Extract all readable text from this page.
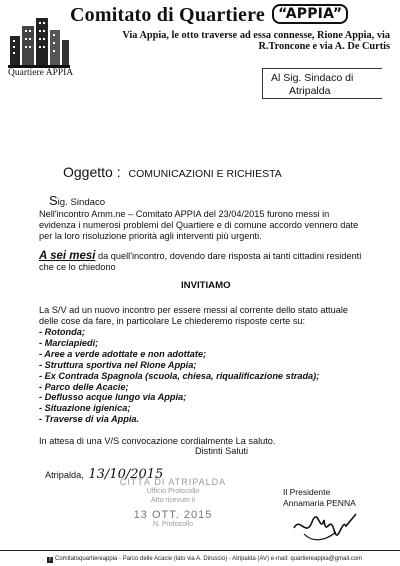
Comitato di Quartiere “APPIA”
Via Appia, le otto traverse ad essa connesse, Rione Appia, via R.Troncone e via A. De Curtis
Quartiere APPIA	Al Sig. Sindaco di
Atripalda
Oggetto : COMUNICAZIONI E RICHIESTA
Sig. Sindaco
Nell'incontro Amm.ne – Comitato APPIA del 23/04/2015 furono messi in evidenza i numerosi problemi del Quartiere e di comune accordo vennero date per la loro risoluzione priorità agli interventi più urgenti.
A sei mesi da quell'incontro, dovendo dare risposta ai tanti cittadini residenti che ce lo chiedono
INVITIAMO
La S/V ad un nuovo incontro per essere messi al corrente dello stato attuale delle cose da fare, in particolare Le chiederemo risposte certe su:
- Rotonda;
- Marciapiedi;
- Aree a verde adottate e non adottate;
- Struttura sportiva nel Rione Appia;
- Ex Contrada Spagnola (scuola, chiesa, riqualificazione strada);
- Parco delle Acacie;
- Deflusso acque lungo via Appia;
- Situazione igienica;
- Traverse di via Appia.
In attesa di una V/S convocazione cordialmente La saluto.
Distinti Saluti
Atripalda, 13/10/2015
CITTÀ DI ATRIPALDA
Ufficio Protocollo
Atto ricevuto il
13 OTT. 2015
N. Protocollo
Il Presidente
Annamaria PENNA
f Comitatoquartiereappia - Parco delle Acacie (lato via A. Diruscio) - Atripalda (AV) e-mail: quartiereappia@gmail.com
